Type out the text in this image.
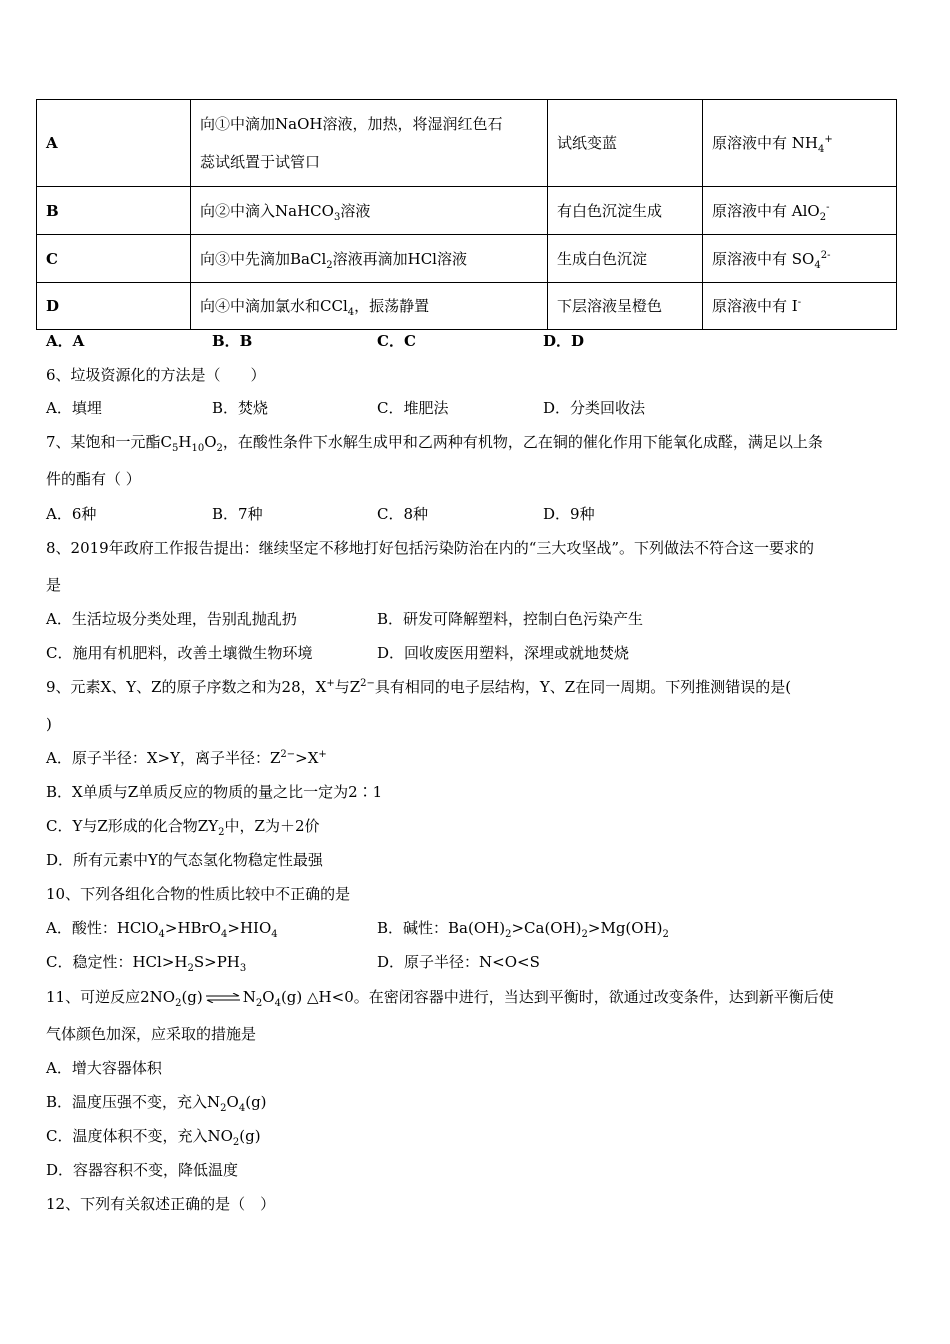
A	向①中滴加NaOH溶液，加热，将湿润红色石
蕊试纸置于试管口	试纸变蓝	原溶液中有 $NH_4^+$
B	向②中滴入NaHCO$_3$溶液	有白色沉淀生成	原溶液中有 AlO$_2$-
C	向③中先滴加BaCl$_2$溶液再滴加HCl溶液	生成白色沉淀	原溶液中有 $SO_4^{2-}$
D	向④中滴加氯水和CCl$_4$，振荡静置	下层溶液呈橙色	原溶液中有 I-
A．A	B．B	C．C	D．D
6、垃圾资源化的方法是（　　）
A．填埋	B．焚烧	C．堆肥法	D．分类回收法
7、某饱和一元酯$C_5H_{10}O_2$，在酸性条件下水解生成甲和乙两种有机物，乙在铜的催化作用下能氧化成醛，满足以上条
件的酯有（ ）
A．6种	B．7种	C．8种	D．9种
8、2019年政府工作报告提出：继续坚定不移地打好包括污染防治在内的“三大攻坚战”。下列做法不符合这一要求的
是
A．生活垃圾分类处理，告别乱抛乱扔	B．研发可降解塑料，控制白色污染产生
C．施用有机肥料，改善土壤微生物环境	D．回收废医用塑料，深埋或就地焚烧
9、元素X、Y、Z的原子序数之和为28，X+与$Z^{2-}$具有相同的电子层结构，Y、Z在同一周期。下列推测错误的是(
)
A．原子半径：X>Y，离子半径：$Z^{2-}>X^+$
B．X单质与Z单质反应的物质的量之比一定为2∶1
C．Y与Z形成的化合物$ZY_2$中，Z为＋2价
D．所有元素中Y的气态氢化物稳定性最强
10、下列各组化合物的性质比较中不正确的是
A．酸性：$HClO_4>HBrO_4>HIO_4$	B．碱性：$Ba(OH)_2>Ca(OH)_2>Mg(OH)_2$
C．稳定性：$HCl>H_2S>PH_3$	D．原子半径：N<O<S
11、可逆反应$2NO_2(g)$ ⇌ $N_2O_4(g)$ △H<0。在密闭容器中进行，当达到平衡时，欲通过改变条件，达到新平衡后使
气体颜色加深，应采取的措施是
A．增大容器体积
B．温度压强不变，充入$N_2O_4(g)$
C．温度体积不变，充入$NO_2(g)$
D．容器容积不变，降低温度
12、下列有关叙述正确的是（　）
